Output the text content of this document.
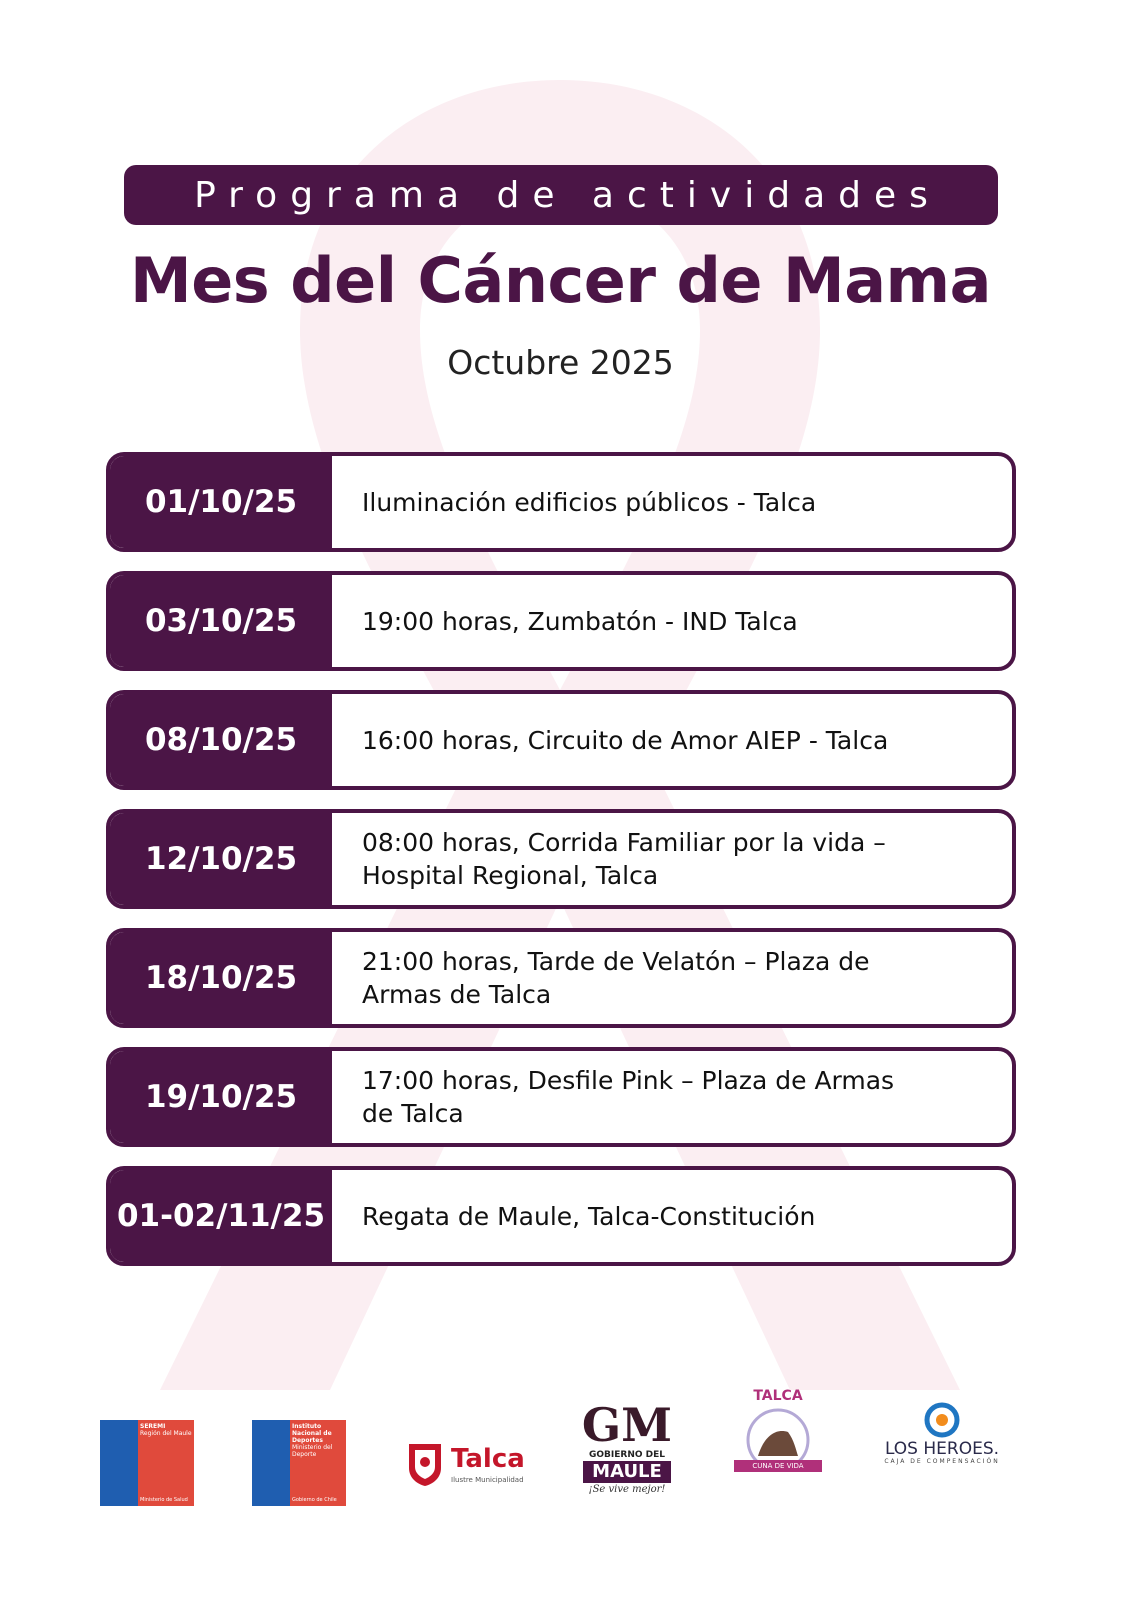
Programa de actividades
Mes del Cáncer de Mama
Octubre 2025
01/10/25	Iluminación edificios públicos - Talca
03/10/25	19:00 horas, Zumbatón - IND Talca
08/10/25	16:00 horas, Circuito de Amor AIEP - Talca
12/10/25	08:00 horas, Corrida Familiar por la vida – Hospital Regional, Talca
18/10/25	21:00 horas, Tarde de Velatón – Plaza de Armas de Talca
19/10/25	17:00 horas, Desfile Pink – Plaza de Armas de Talca
01-02/11/25 Regata de Maule, Talca-Constitución
SEREMI
Región del Maule
Ministerio de Salud
Instituto Nacional de Deportes
Ministerio del Deporte
Gobierno de Chile
Talca
Ilustre Municipalidad
GM
GOBIERNO DEL
MAULE
¡Se vive mejor!
TALCA
CUNA DE VIDA
LOS HEROES.
CAJA DE COMPENSACIÓN
